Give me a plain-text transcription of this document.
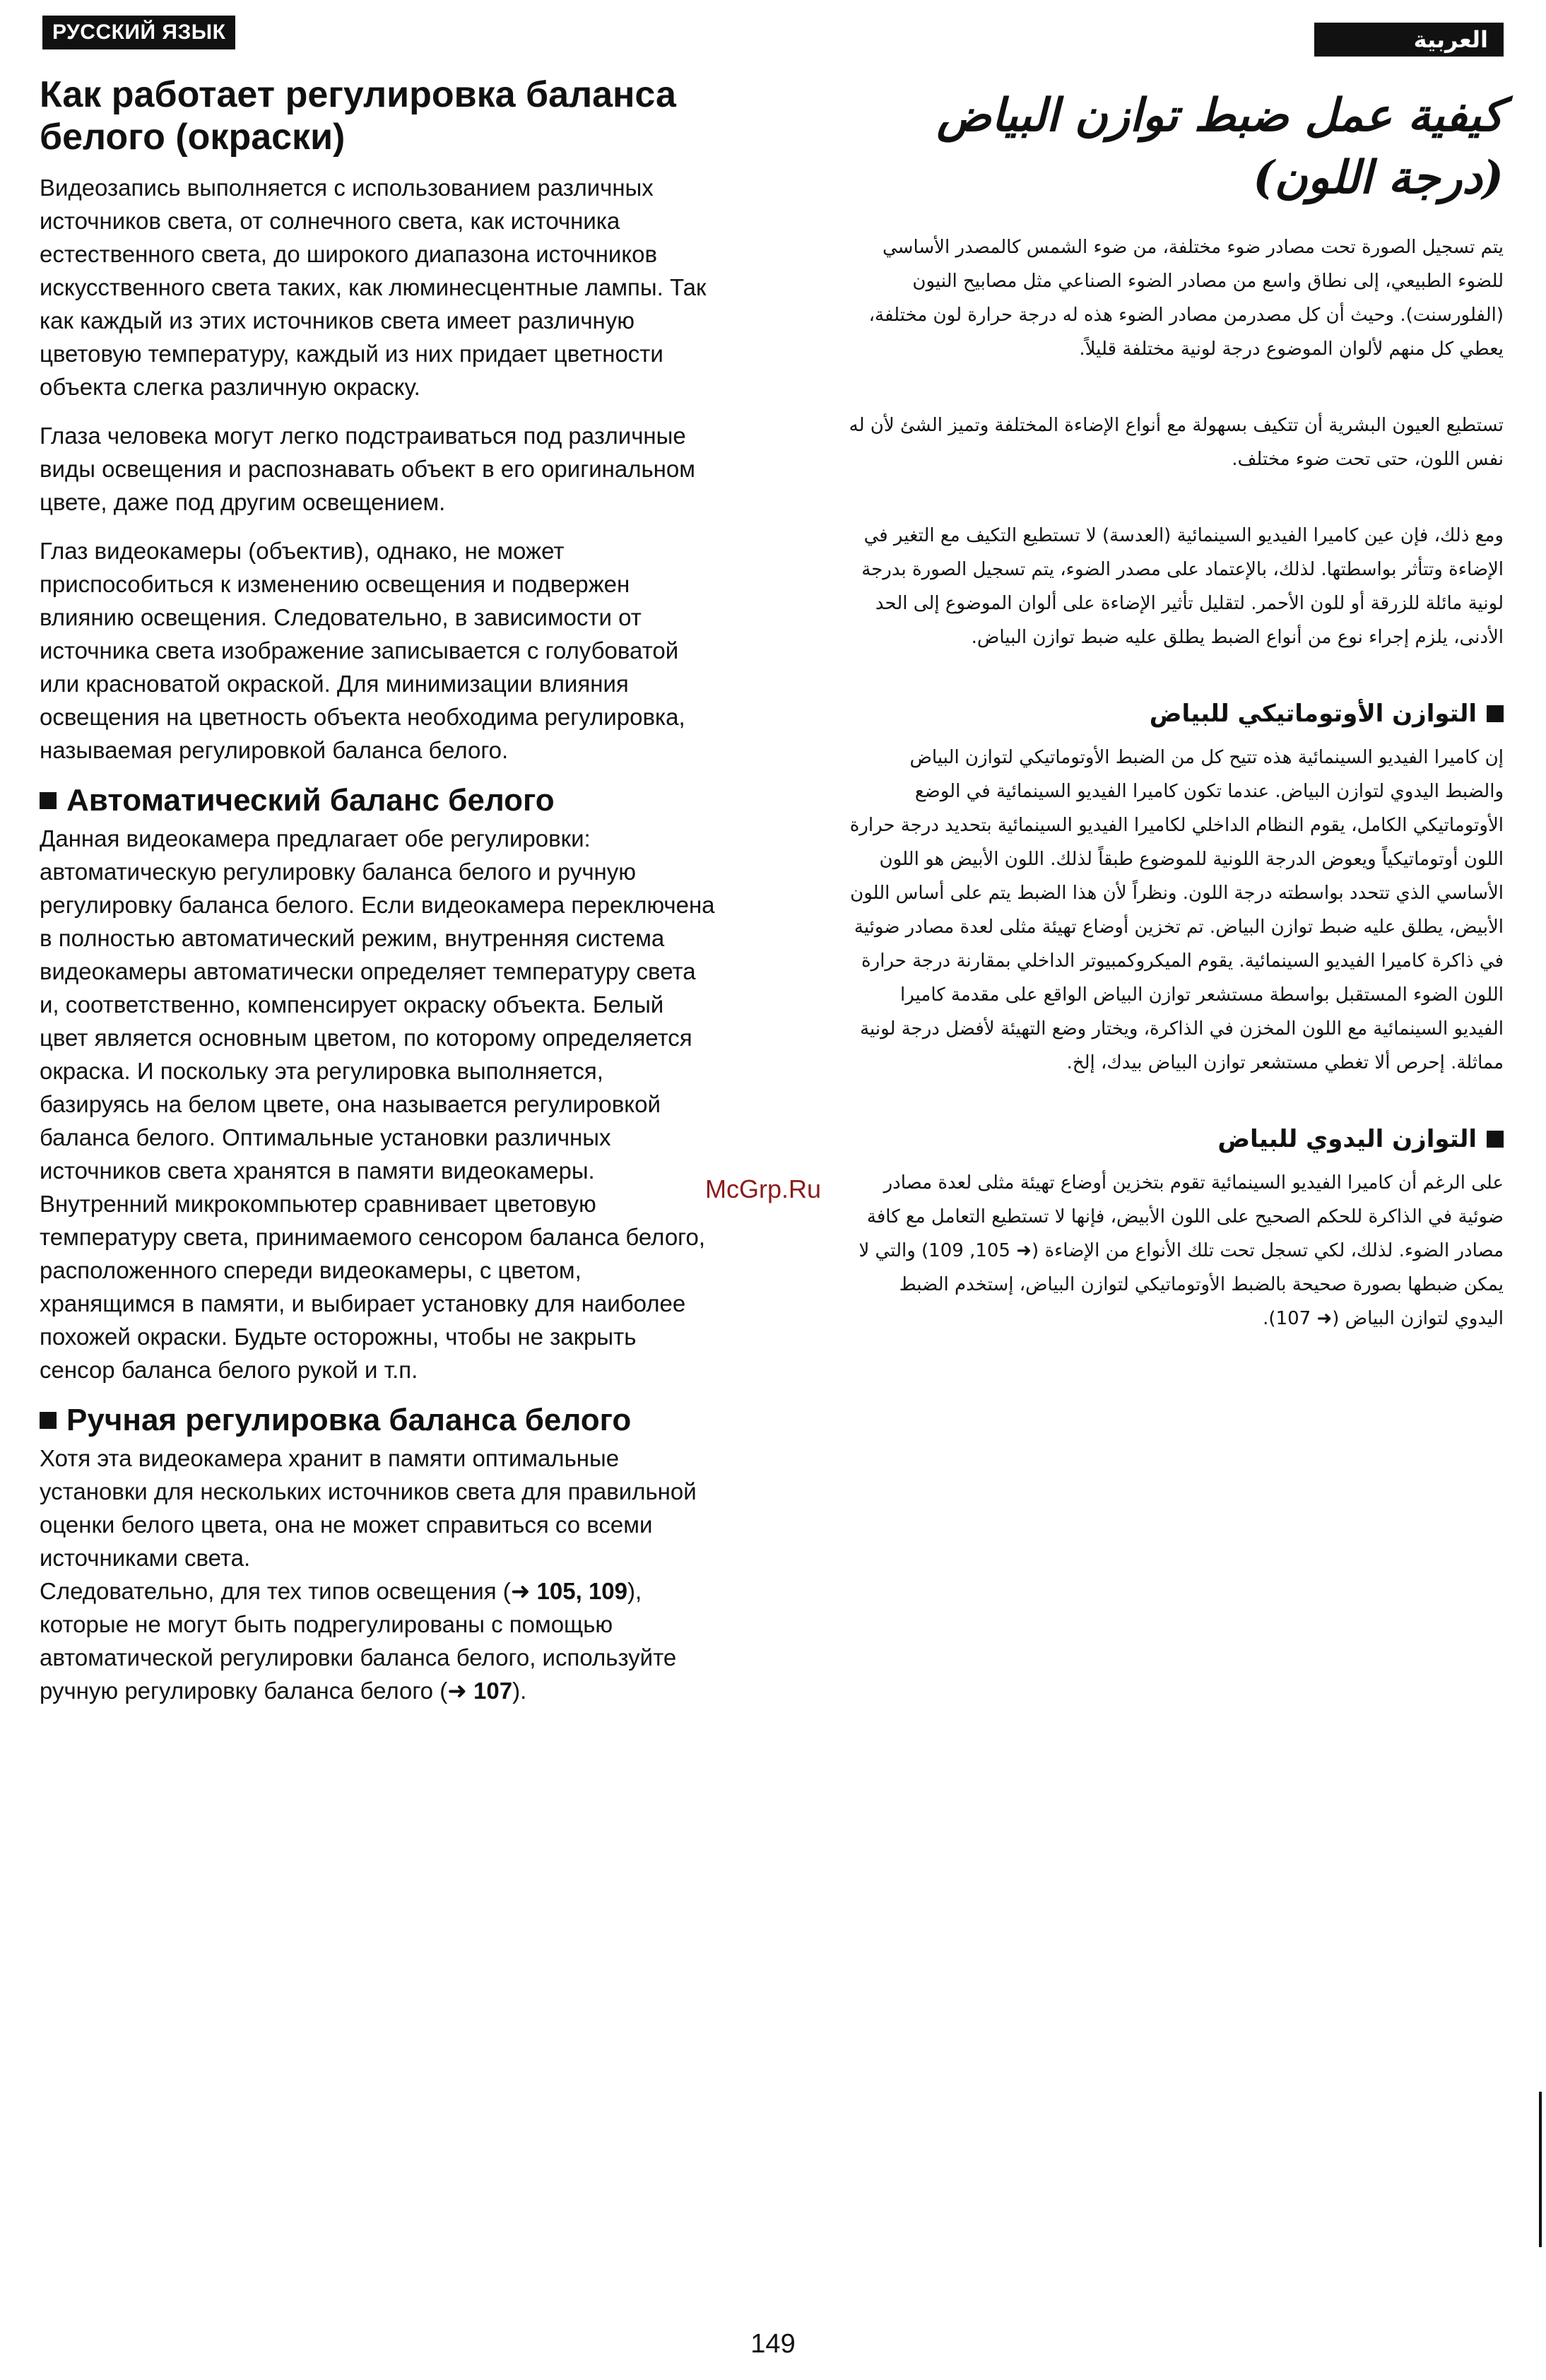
РУССКИЙ ЯЗЫК	العربية
Как работает регулировка баланса белого (окраски)

Видеозапись выполняется с использованием различных источников света, от солнечного света, как источника естественного света, до широкого диапазона источников искусственного света таких, как люминесцентные лампы. Так как каждый из этих источников света имеет различную цветовую температуру, каждый из них придает цветности объекта слегка различную окраску.

Глаза человека могут легко подстраиваться под различные виды освещения и распознавать объект в его оригинальном цвете, даже под другим освещением.

Глаз видеокамеры (объектив), однако, не может приспособиться к изменению освещения и подвержен влиянию освещения. Следовательно, в зависимости от источника света изображение записывается с голубоватой или красноватой окраской. Для минимизации влияния освещения на цветность объекта необходима регулировка, называемая регулировкой баланса белого.

Автоматический баланс белого

Данная видеокамера предлагает обе регулировки: автоматическую регулировку баланса белого и ручную регулировку баланса белого. Если видеокамера переключена в полностью автоматический режим, внутренняя система видеокамеры автоматически определяет температуру света и, соответственно, компенсирует окраску объекта. Белый цвет является основным цветом, по которому определяется окраска. И поскольку эта регулировка выполняется, базируясь на белом цвете, она называется регулировкой баланса белого. Оптимальные установки различных источников света хранятся в памяти видеокамеры. Внутренний микрокомпьютер сравнивает цветовую температуру света, принимаемого сенсором баланса белого, расположенного спереди видеокамеры, с цветом, хранящимся в памяти, и выбирает установку для наиболее похожей окраски. Будьте осторожны, чтобы не закрыть сенсор баланса белого рукой и т.п.

Ручная регулировка баланса белого

Хотя эта видеокамера хранит в памяти оптимальные установки для нескольких источников света для правильной оценки белого цвета, она не может справиться со всеми источниками света.

Следовательно, для тех типов освещения (➜ 105, 109), которые не могут быть подрегулированы с помощью автоматической регулировки баланса белого, используйте ручную регулировку баланса белого (➜ 107).

كيفية عمل ضبط توازن البياض (درجة اللون)

يتم تسجيل الصورة تحت مصادر ضوء مختلفة، من ضوء الشمس كالمصدر الأساسي للضوء الطبيعي، إلى نطاق واسع من مصادر الضوء الصناعي مثل مصابيح النيون (الفلورسنت). وحيث أن كل مصدرمن مصادر الضوء هذه له درجة حرارة لون مختلفة، يعطي كل منهم لألوان الموضوع درجة لونية مختلفة قليلاً.

تستطيع العيون البشرية أن تتكيف بسهولة مع أنواع الإضاءة المختلفة وتميز الشئ لأن له نفس اللون، حتى تحت ضوء مختلف.

ومع ذلك، فإن عين كاميرا الفيديو السينمائية (العدسة) لا تستطيع التكيف مع التغير في الإضاءة وتتأثر بواسطتها. لذلك، بالإعتماد على مصدر الضوء، يتم تسجيل الصورة بدرجة لونية مائلة للزرقة أو للون الأحمر. لتقليل تأثير الإضاءة على ألوان الموضوع إلى الحد الأدنى، يلزم إجراء نوع من أنواع الضبط يطلق عليه ضبط توازن البياض.

التوازن الأوتوماتيكي للبياض

إن كاميرا الفيديو السينمائية هذه تتيح كل من الضبط الأوتوماتيكي لتوازن البياض والضبط اليدوي لتوازن البياض. عندما تكون كاميرا الفيديو السينمائية في الوضع الأوتوماتيكي الكامل، يقوم النظام الداخلي لكاميرا الفيديو السينمائية بتحديد درجة حرارة اللون أوتوماتيكياً ويعوض الدرجة اللونية للموضوع طبقاً لذلك. اللون الأبيض هو اللون الأساسي الذي تتحدد بواسطته درجة اللون. ونظراً لأن هذا الضبط يتم على أساس اللون الأبيض، يطلق عليه ضبط توازن البياض. تم تخزين أوضاع تهيئة مثلى لعدة مصادر ضوئية في ذاكرة كاميرا الفيديو السينمائية. يقوم الميكروكمبيوتر الداخلي بمقارنة درجة حرارة اللون الضوء المستقبل بواسطة مستشعر توازن البياض الواقع على مقدمة كاميرا الفيديو السينمائية مع اللون المخزن في الذاكرة، ويختار وضع التهيئة لأفضل درجة لونية مماثلة. إحرص ألا تغطي مستشعر توازن البياض بيدك، إلخ.

التوازن اليدوي للبياض

على الرغم أن كاميرا الفيديو السينمائية تقوم بتخزين أوضاع تهيئة مثلى لعدة مصادر ضوئية في الذاكرة للحكم الصحيح على اللون الأبيض، فإنها لا تستطيع التعامل مع كافة مصادر الضوء. لذلك، لكي تسجل تحت تلك الأنواع من الإضاءة (➜ 105, 109) والتي لا يمكن ضبطها بصورة صحيحة بالضبط الأوتوماتيكي لتوازن البياض، إستخدم الضبط اليدوي لتوازن البياض (➜ 107).

McGrp.Ru
149
